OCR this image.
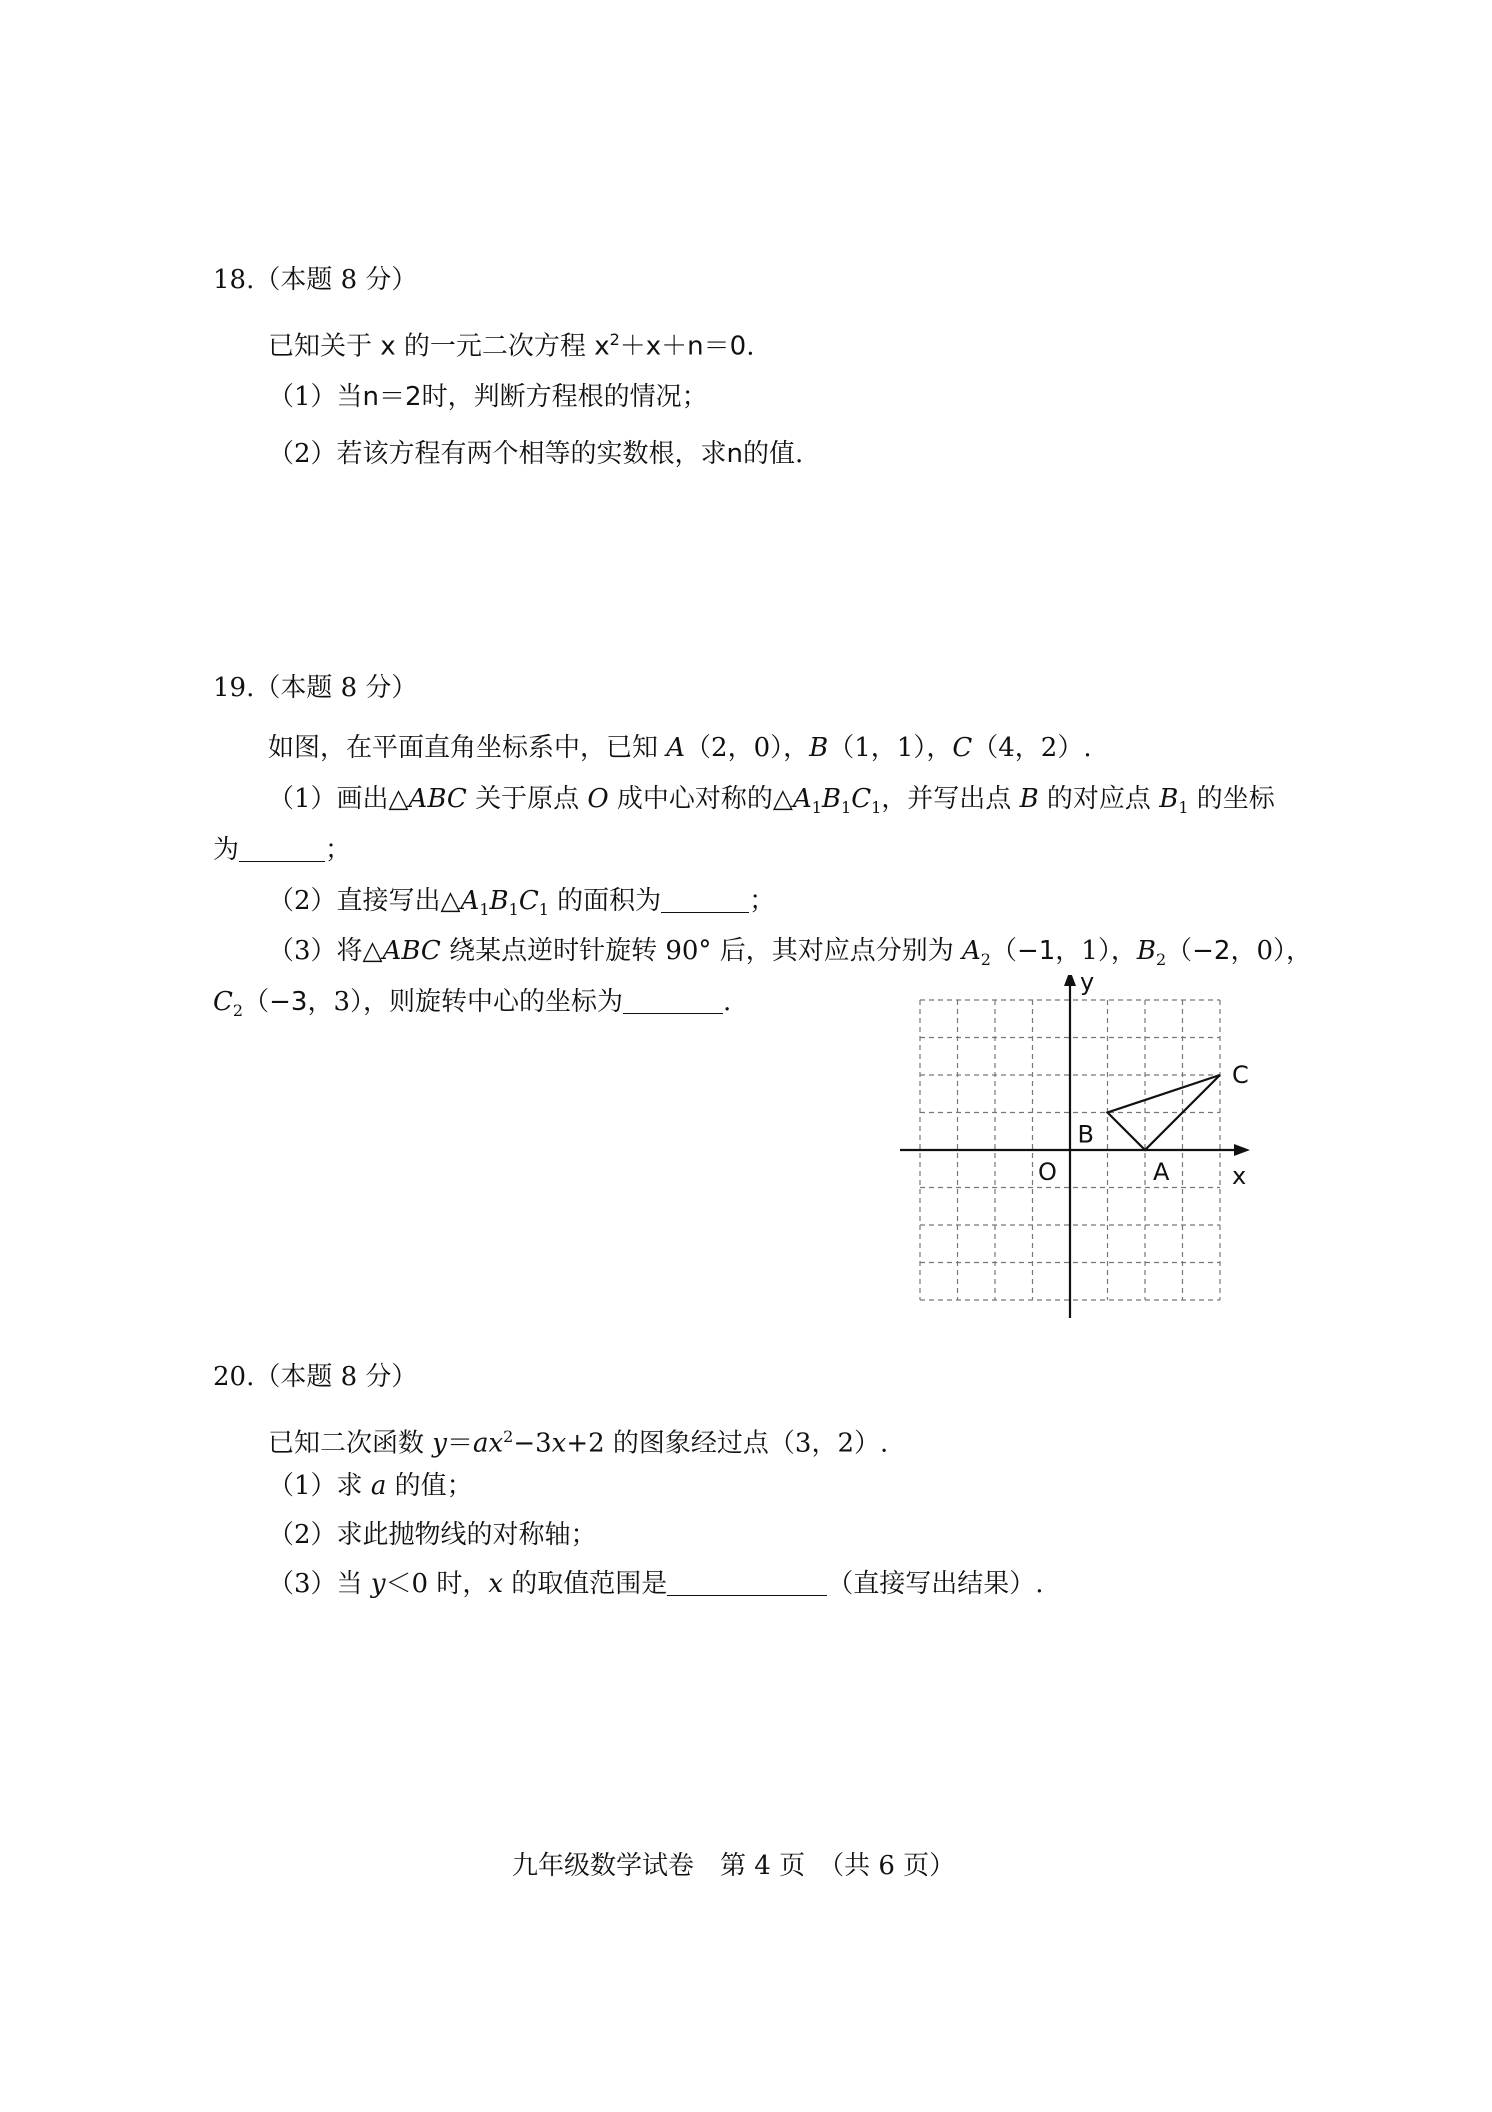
18.（本题 8 分）
已知关于 x 的一元二次方程 $x^2+x+n=0$.
（1）当n＝2时，判断方程根的情况；
（2）若该方程有两个相等的实数根，求n的值.
19.（本题 8 分）
如图，在平面直角坐标系中，已知 A（2，0），B（1，1），C（4，2）.
（1）画出△ABC 关于原点 O 成中心对称的$\triangle A_1B_1C_1$，并写出点 B 的对应点 $B_1$ 的坐标
为	；
（2）直接写出$\triangle A_1B_1C_1$ 的面积为	；
（3）将△ABC 绕某点逆时针旋转 90° 后，其对应点分别为 $A_2(-1$，1），$B_2(-2$，0），
$C_2(-3$，3），则旋转中心的坐标为	.
y
x
O	A
B
C
20.（本题 8 分）
已知二次函数 $y=ax^2-3x+2$ 的图象经过点（3，2）.
（1）求 a 的值；
（2）求此抛物线的对称轴；
（3）当 y＜0 时，x 的取值范围是	（直接写出结果）.
九年级数学试卷　第 4 页　（共 6 页）
